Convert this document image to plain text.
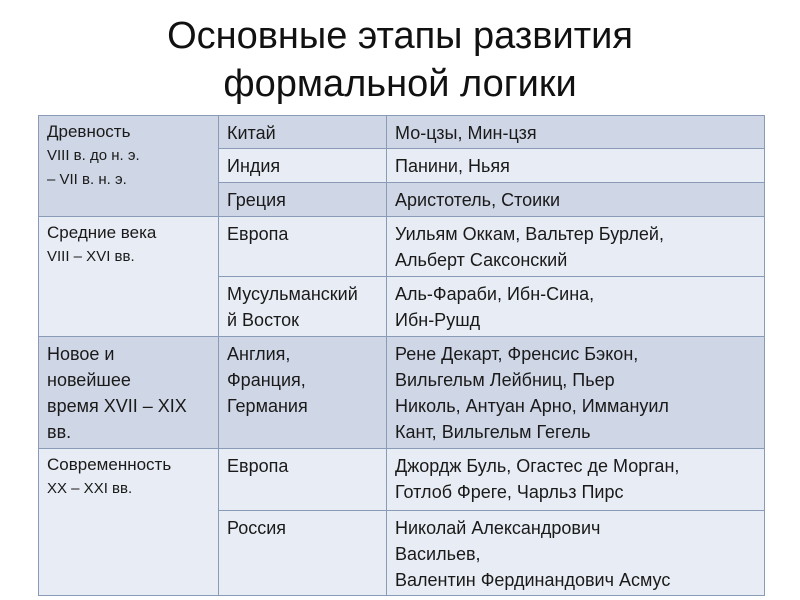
Основные этапы развития
формальной логики
Древность
VIII в. до н. э.
– VII в. н. э.	Китай	Мо-цзы, Мин-цзя

	Индия	Панини, Ньяя

	Греция	Аристотель, Стоики

Средние века
VIII – XVI вв.	Европа	Уильям Оккам, Вальтер Бурлей,
Альберт Саксонский

	Мусульманский
й Восток	Аль-Фараби, Ибн-Сина,
Ибн-Рушд

Новое и
новейшее
время XVII – XIX
вв.	Англия,
Франция,
Германия	Рене Декарт, Френсис Бэкон,
Вильгельм Лейбниц, Пьер
Николь, Антуан Арно, Иммануил
Кант, Вильгельм Гегель

Современность
XX – XXI вв.	Европа	Джордж Буль, Огастес де Морган,
Готлоб Фреге, Чарльз Пирс

	Россия	Николай Александрович
Васильев,
Валентин Фердинандович Асмус
